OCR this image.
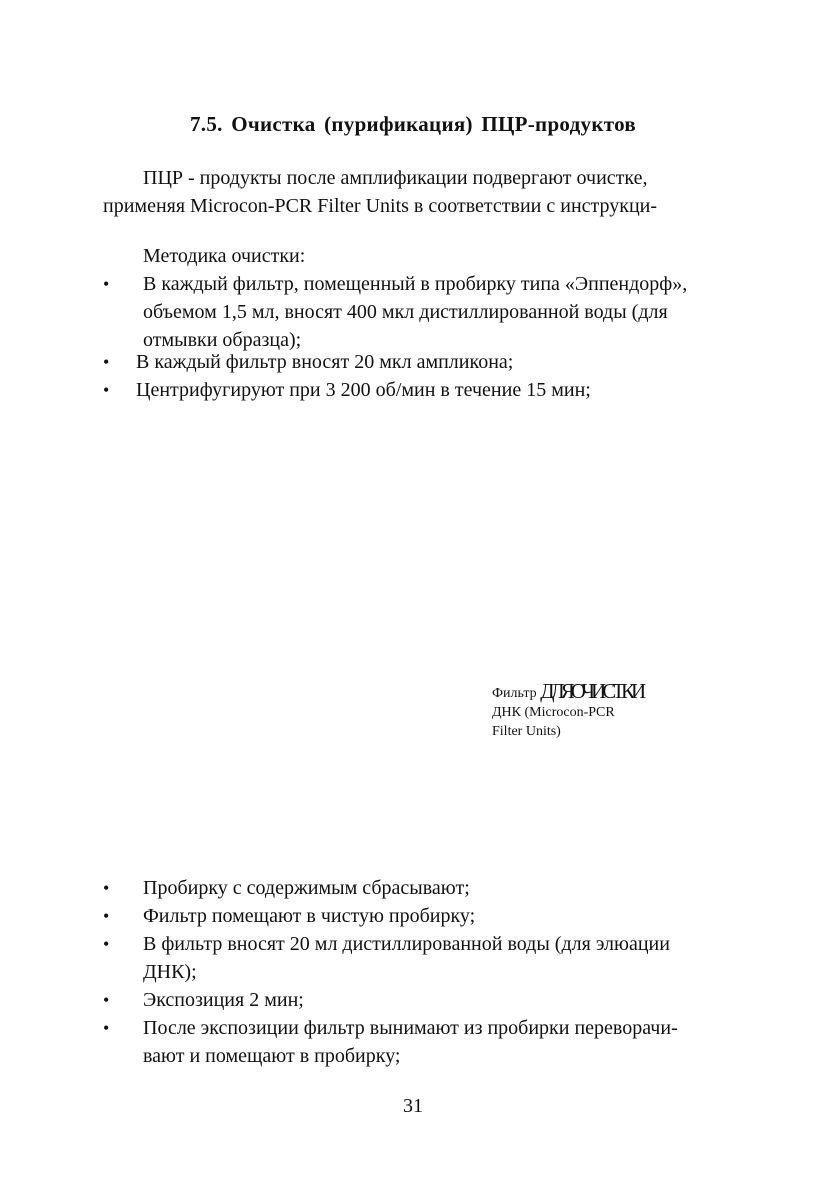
7.5. Очистка (пурификация) ПЦР-продуктов
ПЦР - продукты после амплификации подвергают очистке,
применяя Microcon-PCR Filter Units в соответствии с инструкци-
Методика очистки:
• В каждый фильтр, помещенный в пробирку типа «Эппендорф»,
объемом 1,5 мл, вносят 400 мкл дистиллированной воды (для
отмывки образца);
• В каждый фильтр вносят 20 мкл ампликона;
• Центрифугируют при 3 200 об/мин в течение 15 мин;
Фильтр ДЛЯОЧИСТКИ
ДНК (Microcon-PCR
Filter Units)
• Пробирку с содержимым сбрасывают;
• Фильтр помещают в чистую пробирку;
• В фильтр вносят 20 мл дистиллированной воды (для элюации
ДНК);
• Экспозиция 2 мин;
• После экспозиции фильтр вынимают из пробирки переворачи-
вают и помещают в пробирку;
31
